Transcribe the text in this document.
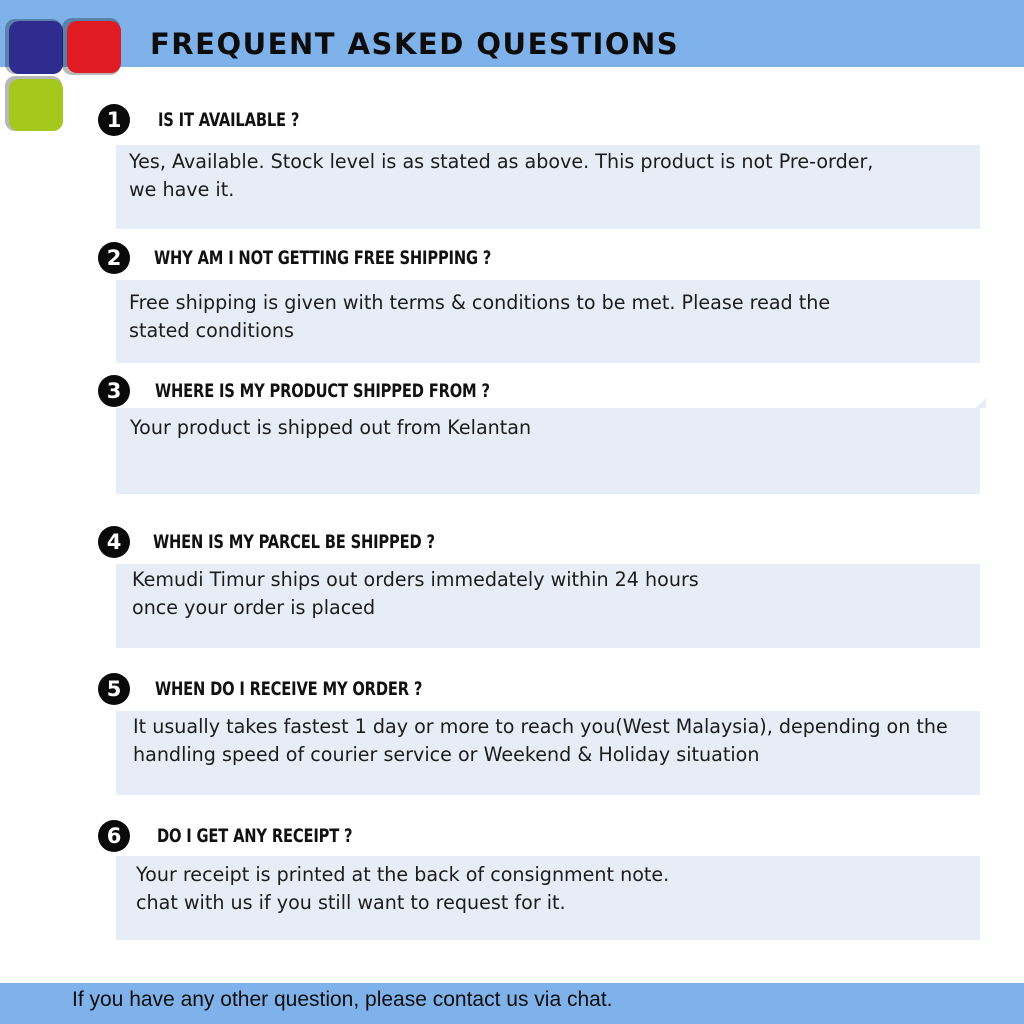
FREQUENT ASKED QUESTIONS
1	IS IT AVAILABLE ?

Yes, Available. Stock level is as stated as above. This product is not Pre-order,
we have it.

2	WHY AM I NOT GETTING FREE SHIPPING ?

Free shipping is given with terms & conditions to be met. Please read the
stated conditions

3	WHERE IS MY PRODUCT SHIPPED FROM ?

Your product is shipped out from Kelantan

4	WHEN IS MY PARCEL BE SHIPPED ?

Kemudi Timur ships out orders immedately within 24 hours
once your order is placed

5	WHEN DO I RECEIVE MY ORDER ?

It usually takes fastest 1 day or more to reach you(West Malaysia), depending on the
handling speed of courier service or Weekend & Holiday situation

6	DO I GET ANY RECEIPT ?

Your receipt is printed at the back of consignment note.
chat with us if you still want to request for it.

If you have any other question, please contact us via chat.
